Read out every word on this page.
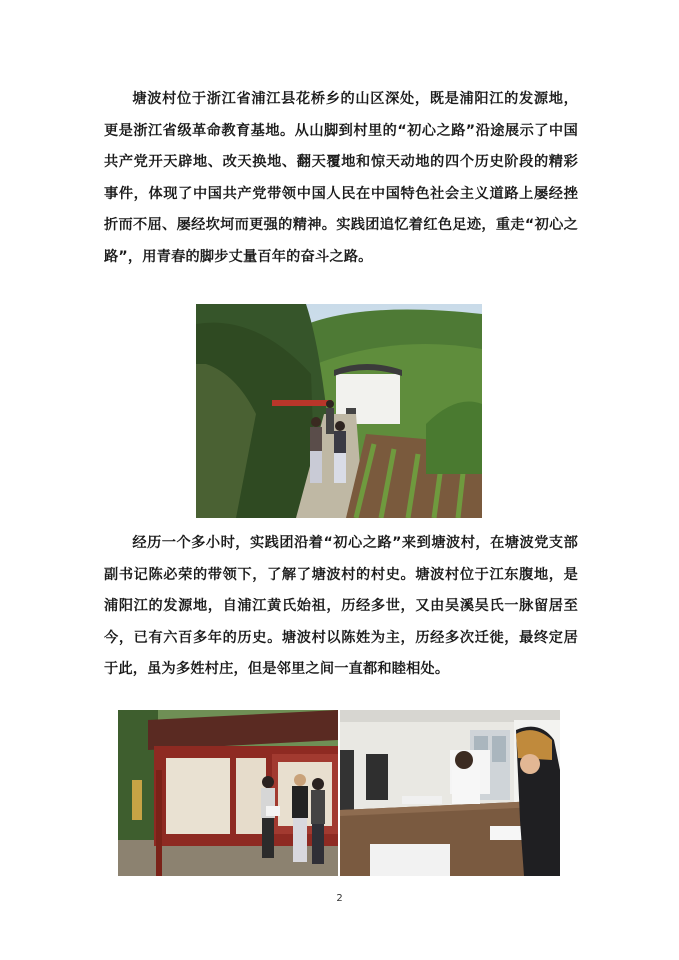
塘波村位于浙江省浦江县花桥乡的山区深处，既是浦阳江的发源地，更是浙江省级革命教育基地。从山脚到村里的“初心之路”沿途展示了中国共产党开天辟地、改天换地、翻天覆地和惊天动地的四个历史阶段的精彩事件，体现了中国共产党带领中国人民在中国特色社会主义道路上屡经挫折而不屈、屡经坎坷而更强的精神。实践团追忆着红色足迹，重走“初心之路”，用青春的脚步丈量百年的奋斗之路。

经历一个多小时，实践团沿着“初心之路”来到塘波村，在塘波党支部副书记陈必荣的带领下，了解了塘波村的村史。塘波村位于江东腹地，是浦阳江的发源地，自浦江黄氏始祖，历经多世，又由吴溪吴氏一脉留居至今，已有六百多年的历史。塘波村以陈姓为主，历经多次迁徙，最终定居于此，虽为多姓村庄，但是邻里之间一直都和睦相处。

2
